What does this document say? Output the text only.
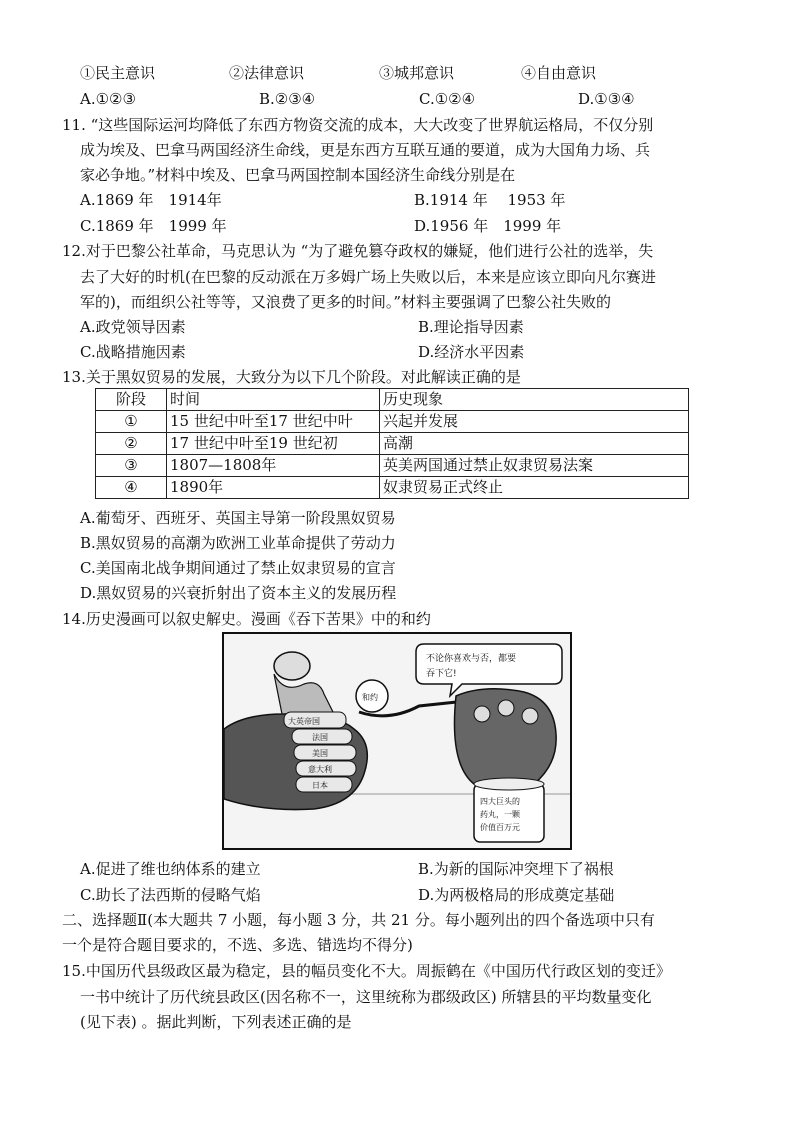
①民主意识	②法律意识	③城邦意识	④自由意识
A.①②③	B.②③④	C.①②④	D.①③④
11. “这些国际运河均降低了东西方物资交流的成本，大大改变了世界航运格局，不仅分别
成为埃及、巴拿马两国经济生命线，更是东西方互联互通的要道，成为大国角力场、兵
家必争地。”材料中埃及、巴拿马两国控制本国经济生命线分别是在
A.1869 年　1914年	B.1914 年　 1953 年
C.1869 年　1999 年	D.1956 年　1999 年
12.对于巴黎公社革命，马克思认为 “为了避免篡夺政权的嫌疑，他们进行公社的选举，失
去了大好的时机(在巴黎的反动派在万多姆广场上失败以后，本来是应该立即向凡尔赛进
军的)，而组织公社等等，又浪费了更多的时间。”材料主要强调了巴黎公社失败的
A.政党领导因素	B.理论指导因素
C.战略措施因素	D.经济水平因素
13.关于黑奴贸易的发展，大致分为以下几个阶段。对此解读正确的是
阶段	时间	历史现象
①	15 世纪中叶至17 世纪中叶	兴起并发展
②	17 世纪中叶至19 世纪初	高潮
③	1807—1808年	英美两国通过禁止奴隶贸易法案
④	1890年	奴隶贸易正式终止
A.葡萄牙、西班牙、英国主导第一阶段黑奴贸易
B.黑奴贸易的高潮为欧洲工业革命提供了劳动力
C.美国南北战争期间通过了禁止奴隶贸易的宣言
D.黑奴贸易的兴衰折射出了资本主义的发展历程
14.历史漫画可以叙史解史。漫画《吞下苦果》中的和约
不论你喜欢与否，都要
吞下它!
大英帝国
法国
美国
意大利
日本
和约
四大巨头的
药丸，一颗
价值百万元
A.促进了维也纳体系的建立	B.为新的国际冲突埋下了祸根
C.助长了法西斯的侵略气焰	D.为两极格局的形成奠定基础
二、选择题Ⅱ(本大题共 7 小题，每小题 3 分，共 21 分。每小题列出的四个备选项中只有
一个是符合题目要求的，不选、多选、错选均不得分)
15.中国历代县级政区最为稳定，县的幅员变化不大。周振鹤在《中国历代行政区划的变迁》
一书中统计了历代统县政区(因名称不一，这里统称为郡级政区) 所辖县的平均数量变化
(见下表) 。据此判断，下列表述正确的是
